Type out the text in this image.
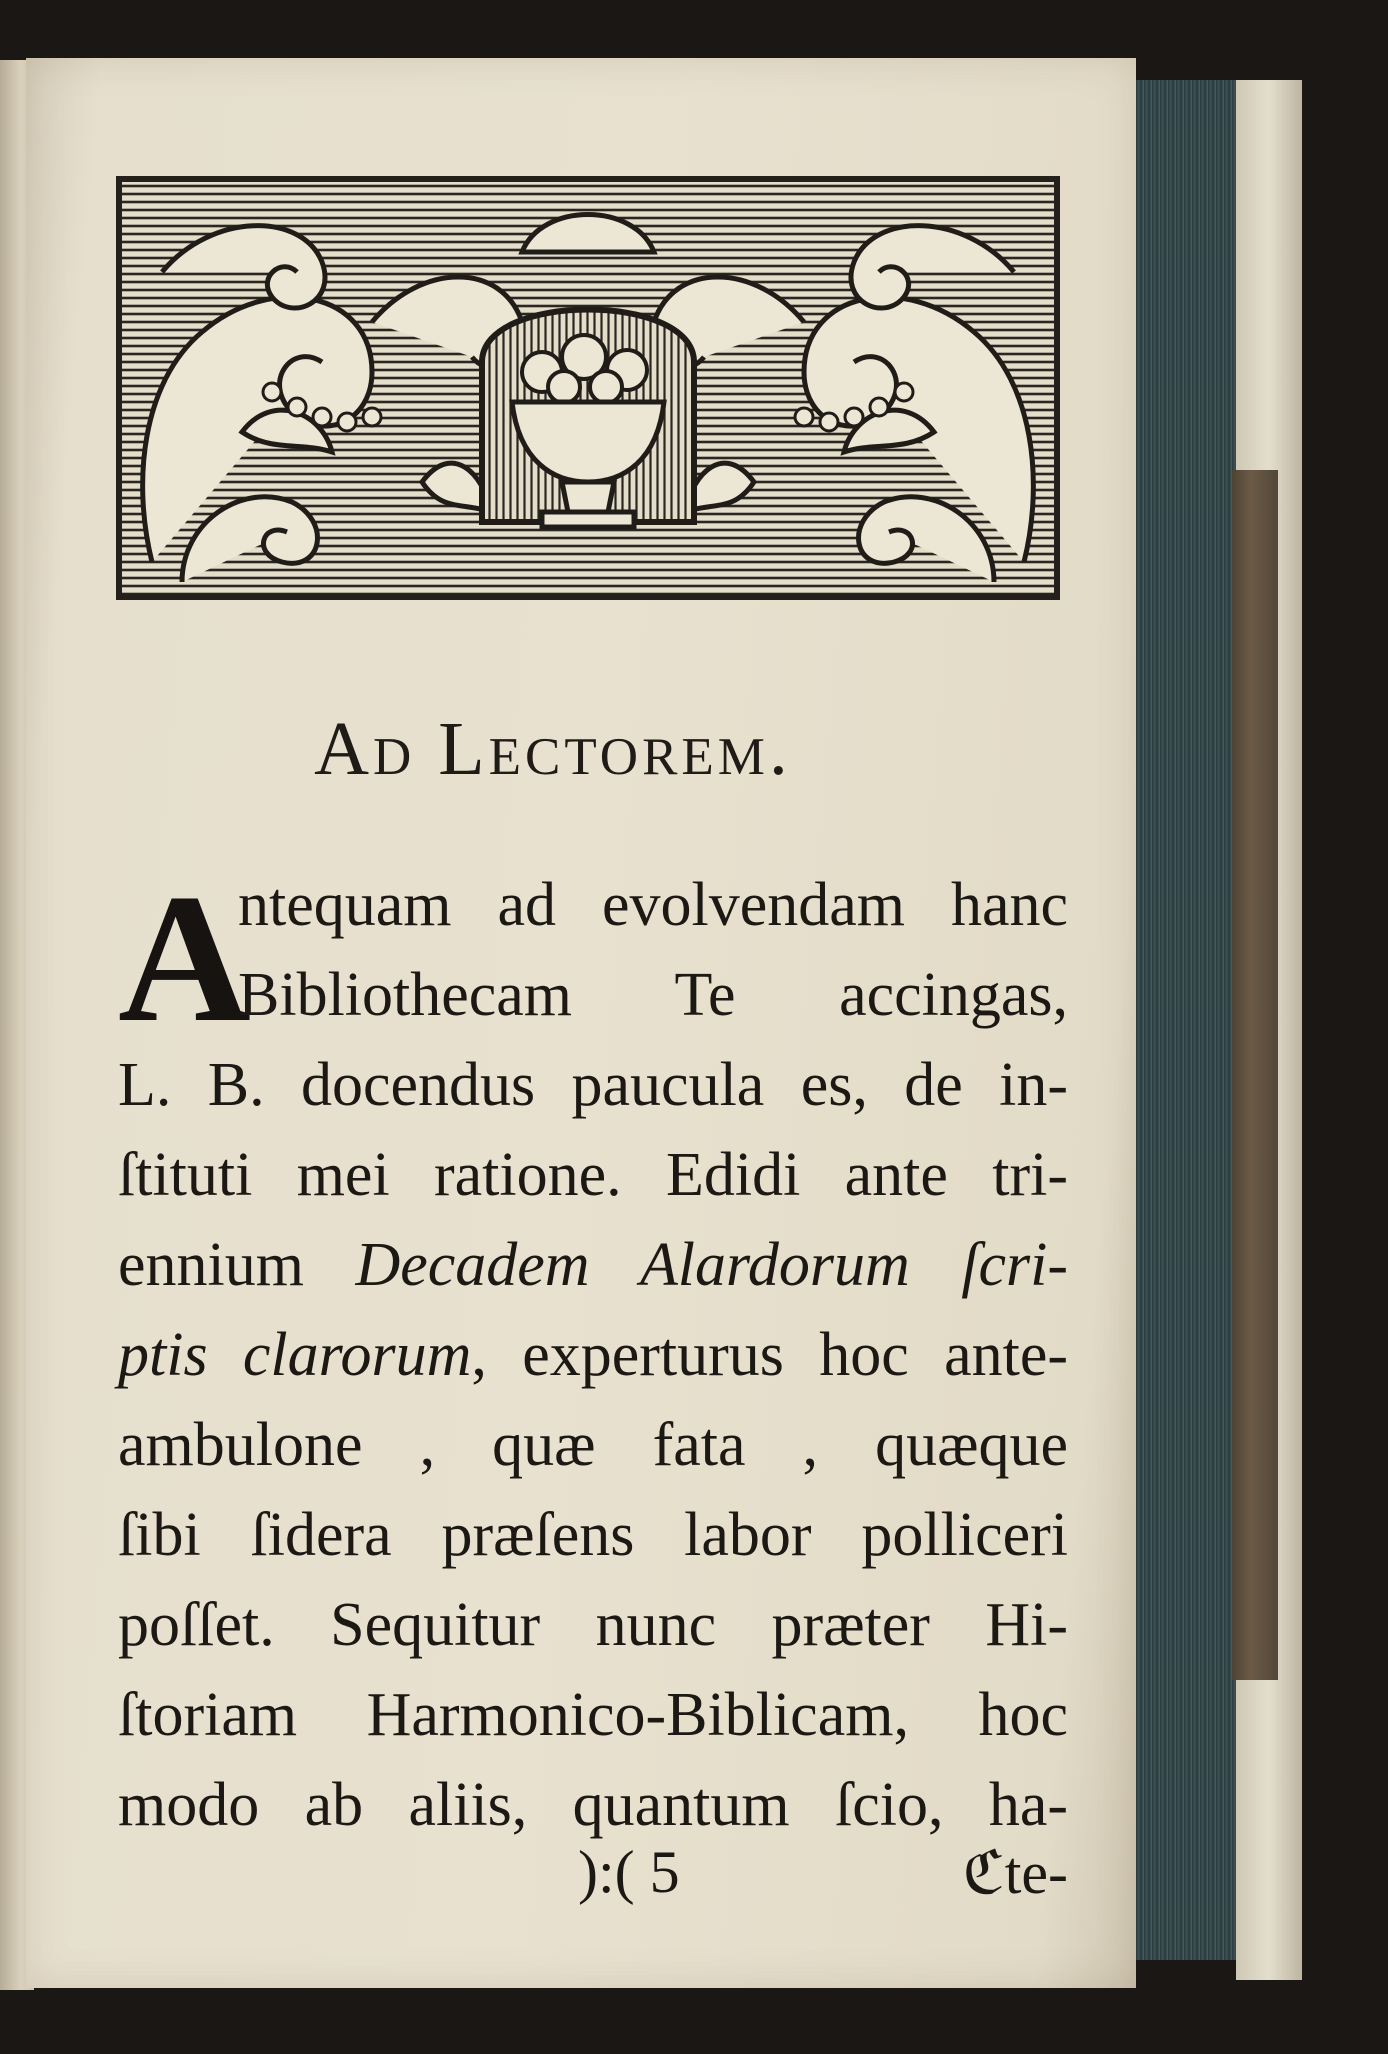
Ad Lectorem.
A
ntequam ad evolvendam hanc
Bibliothecam Te accingas,
L. B. docendus paucula es, de in-
ſtituti mei ratione. Edidi ante tri-
ennium Decadem Alardorum ſcri-
ptis clarorum, experturus hoc ante-
ambulone , quæ fata , quæque
ſibi ſidera præſens labor polliceri
poſſet. Sequitur nunc præter Hi-
ſtoriam Harmonico-Biblicam, hoc
modo ab aliis, quantum ſcio, ha-
):( 5	ℭte-
